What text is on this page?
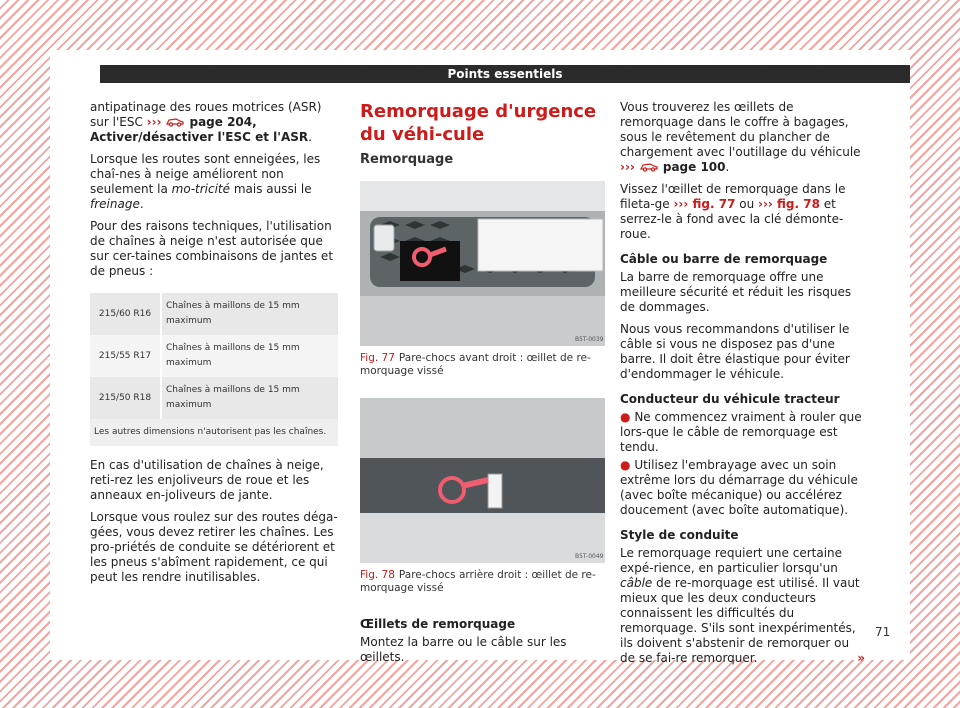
Points essentiels

antipatinage des roues motrices (ASR) sur l'ESC ›››  page 204, Activer/désactiver l'ESC et l'ASR.

Lorsque les routes sont enneigées, les chaî-nes à neige améliorent non seulement la mo-tricité mais aussi le freinage.

Pour des raisons techniques, l'utilisation de chaînes à neige n'est autorisée que sur cer-taines combinaisons de jantes et de pneus :

215/60 R16	Chaînes à maillons de 15 mm maximum
215/55 R17	Chaînes à maillons de 15 mm maximum
215/50 R18	Chaînes à maillons de 15 mm maximum
Les autres dimensions n'autorisent pas les chaînes.	

En cas d'utilisation de chaînes à neige, reti-rez les enjoliveurs de roue et les anneaux en-joliveurs de jante.

Lorsque vous roulez sur des routes déga-gées, vous devez retirer les chaînes. Les pro-priétés de conduite se détériorent et les pneus s'abîment rapidement, ce qui peut les rendre inutilisables.

Remorquage d'urgence du véhi-cule
Remorquage
B5T-0039
Fig. 77 Pare-chocs avant droit : œillet de re-morquage vissé
B5T-0049
Fig. 78 Pare-chocs arrière droit : œillet de re-morquage vissé
Œillets de remorquage

Montez la barre ou le câble sur les œillets.

Vous trouverez les œillets de remorquage dans le coffre à bagages, sous le revêtement du plancher de chargement avec l'outillage du véhicule ›››  page 100.

Vissez l'œillet de remorquage dans le fileta-ge ››› fig. 77 ou ››› fig. 78 et serrez-le à fond avec la clé démonte-roue.

Câble ou barre de remorquage

La barre de remorquage offre une meilleure sécurité et réduit les risques de dommages.

Nous vous recommandons d'utiliser le câble si vous ne disposez pas d'une barre. Il doit être élastique pour éviter d'endommager le véhicule.

Conducteur du véhicule tracteur

● Ne commencez vraiment à rouler que lors-que le câble de remorquage est tendu.

● Utilisez l'embrayage avec un soin extrême lors du démarrage du véhicule (avec boîte mécanique) ou accélérez doucement (avec boîte automatique).

Style de conduite

Le remorquage requiert une certaine expé-rience, en particulier lorsqu'un câble de re-morquage est utilisé. Il vaut mieux que les deux conducteurs connaissent les difficultés du remorquage. S'ils sont inexpérimentés, ils doivent s'abstenir de remorquer ou de se fai-re remorquer.	»

71
